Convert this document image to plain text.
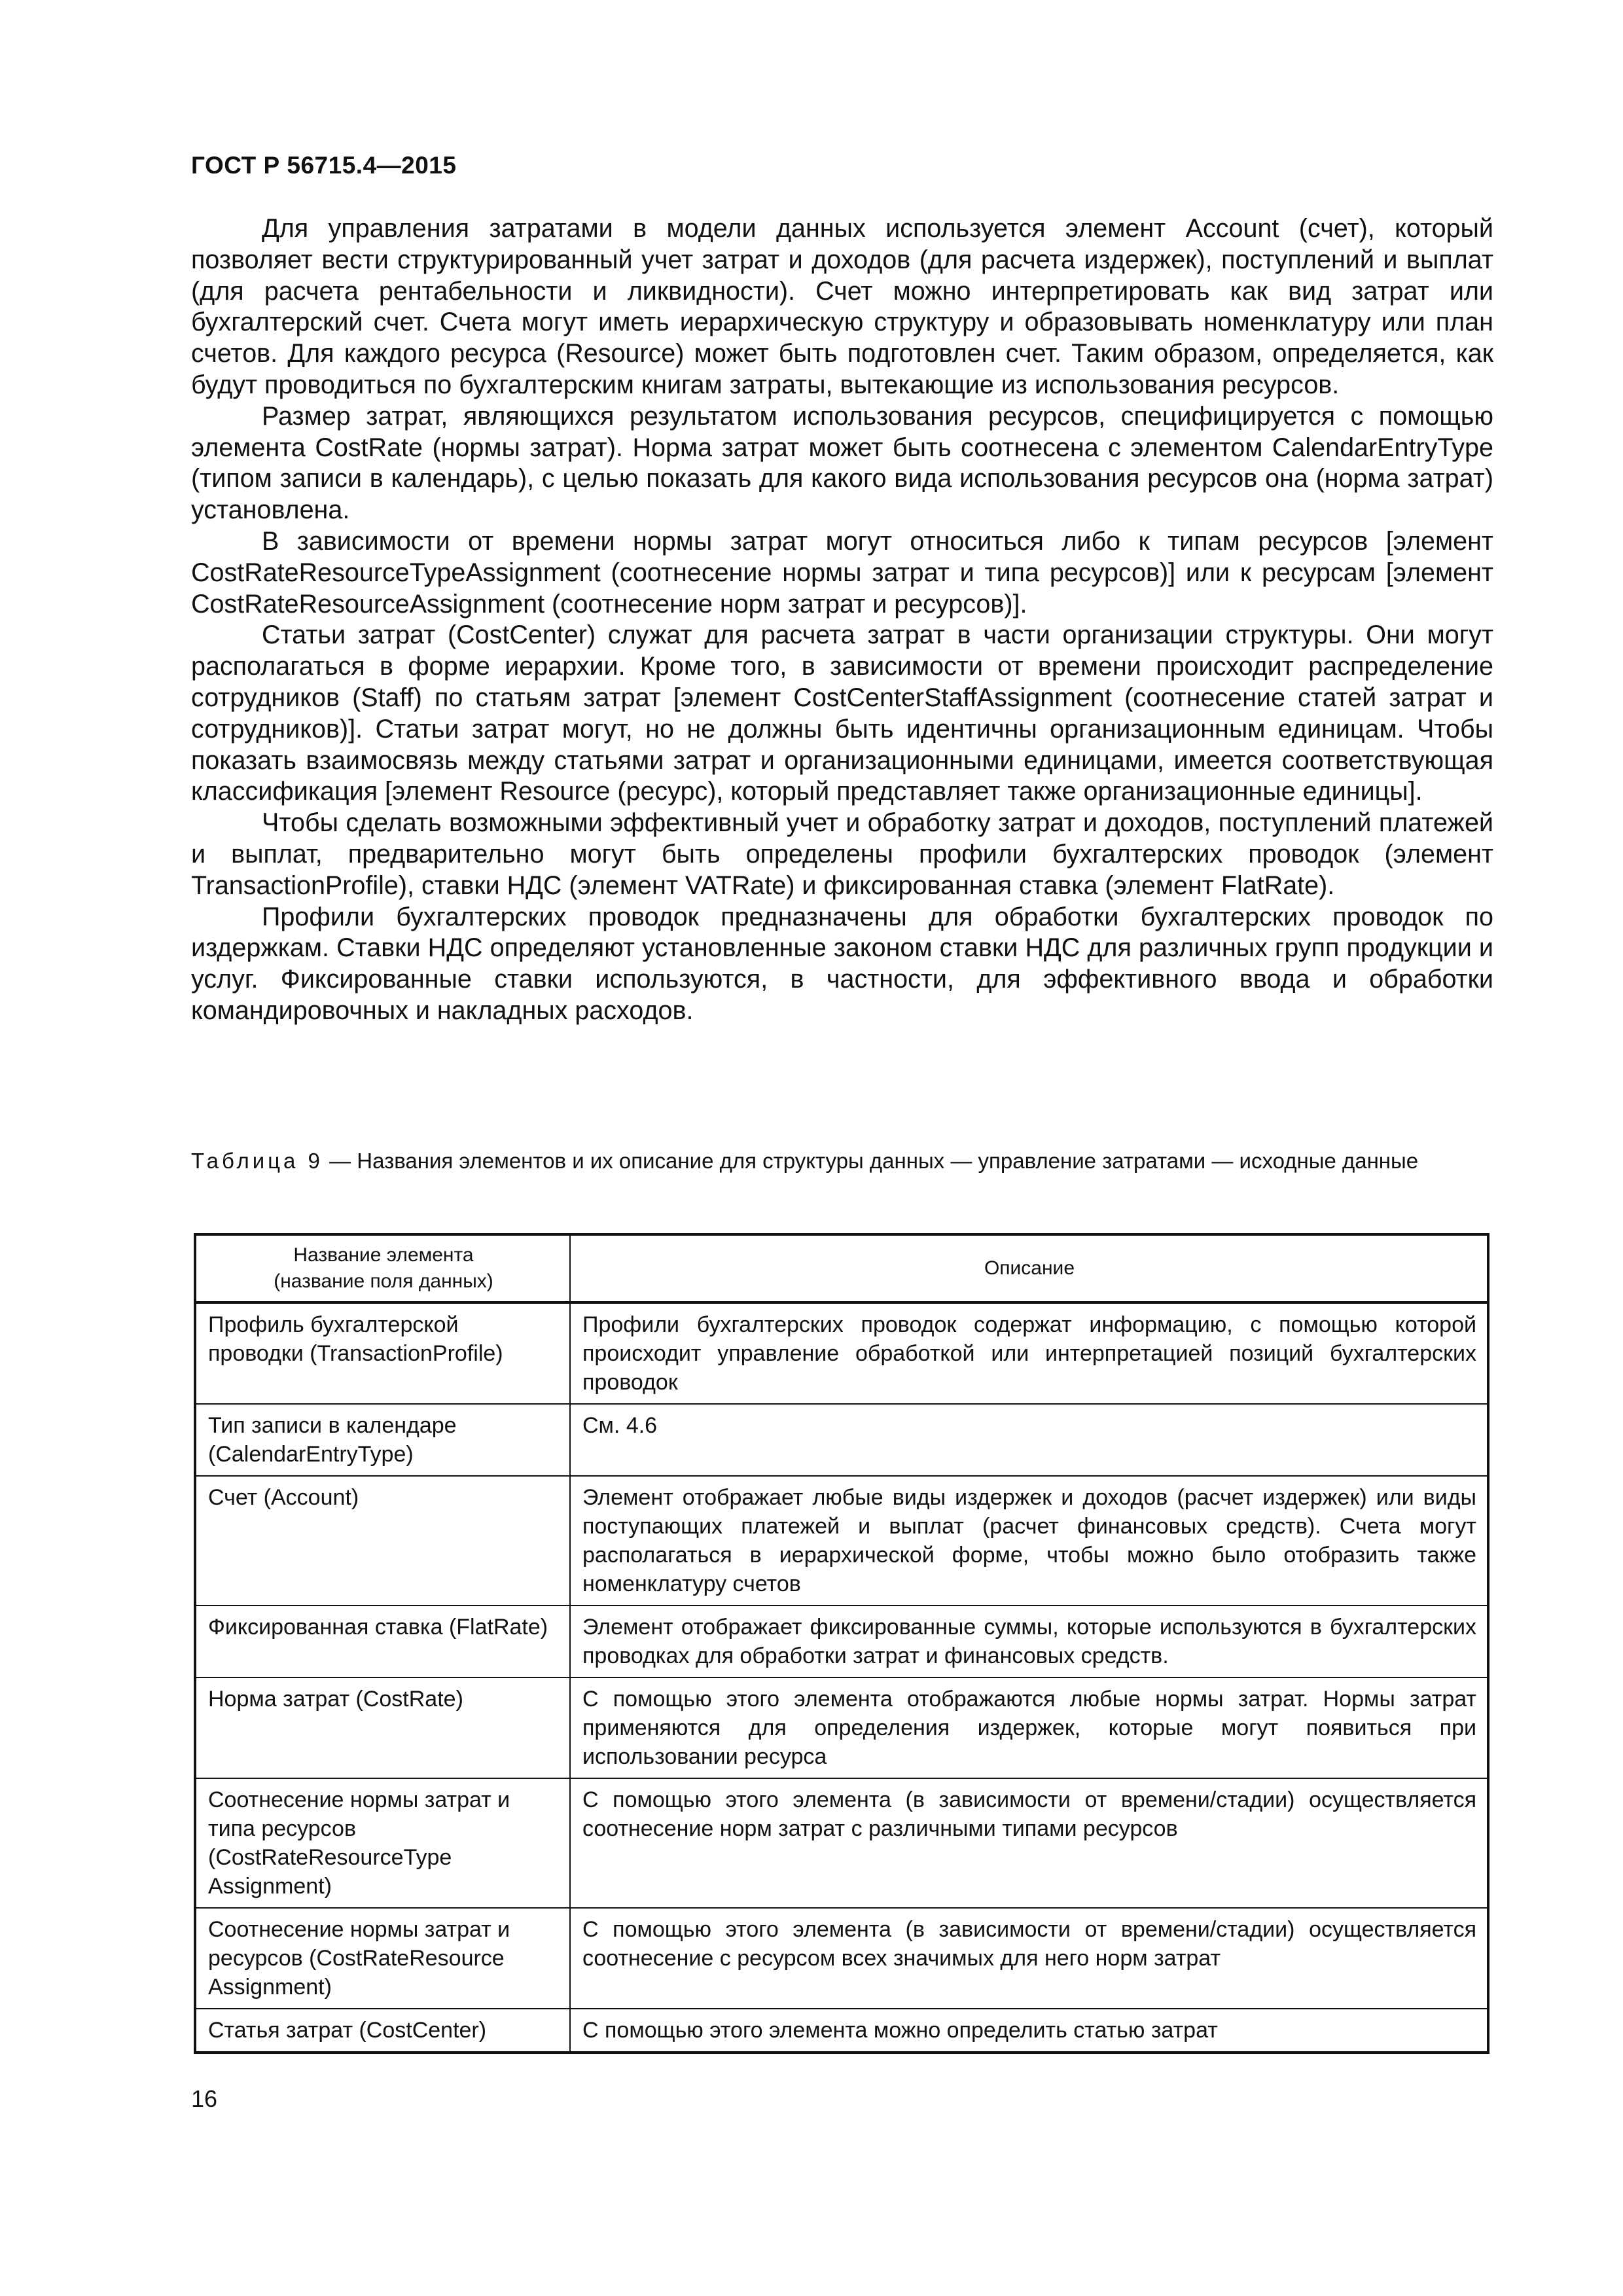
ГОСТ Р 56715.4—2015

Для управления затратами в модели данных используется элемент Account (счет), который позволяет вести структурированный учет затрат и доходов (для расчета издержек), поступлений и выплат (для расчета рентабельности и ликвидности). Счет можно интерпретировать как вид затрат или бухгалтерский счет. Счета могут иметь иерархическую структуру и образовывать номенклатуру или план счетов. Для каждого ресурса (Resource) может быть подготовлен счет. Таким образом, определяется, как будут проводиться по бухгалтерским книгам затраты, вытекающие из использования ресурсов.

Размер затрат, являющихся результатом использования ресурсов, специфицируется с помощью элемента CostRate (нормы затрат). Норма затрат может быть соотнесена с элементом CalendarEntryType (типом записи в календарь), с целью показать для какого вида использования ресурсов она (норма затрат) установлена.

В зависимости от времени нормы затрат могут относиться либо к типам ресурсов [элемент CostRateResourceTypeAssignment (соотнесение нормы затрат и типа ресурсов)] или к ресурсам [элемент CostRateResourceAssignment (соотнесение норм затрат и ресурсов)].

Статьи затрат (CostCenter) служат для расчета затрат в части организации структуры. Они могут располагаться в форме иерархии. Кроме того, в зависимости от времени происходит распределение сотрудников (Staff) по статьям затрат [элемент CostCenterStaffAssignment (соотнесение статей затрат и сотрудников)]. Статьи затрат могут, но не должны быть идентичны организационным единицам. Чтобы показать взаимосвязь между статьями затрат и организационными единицами, имеется соответствующая классификация [элемент Resource (ресурс), который представляет также организационные единицы].

Чтобы сделать возможными эффективный учет и обработку затрат и доходов, поступлений платежей и выплат, предварительно могут быть определены профили бухгалтерских проводок (элемент TransactionProfile), ставки НДС (элемент VATRate) и фиксированная ставка (элемент FlatRate).

Профили бухгалтерских проводок предназначены для обработки бухгалтерских проводок по издержкам. Ставки НДС определяют установленные законом ставки НДС для различных групп продукции и услуг. Фиксированные ставки используются, в частности, для эффективного ввода и обработки командировочных и накладных расходов.

Таблица 9 — Названия элементов и их описание для структуры данных — управление затратами — исходные данные
Название элемента
(название поля данных)	Описание
Профиль бухгалтерской проводки (TransactionProfile)	Профили бухгалтерских проводок содержат информацию, с помощью которой происходит управление обработкой или интерпретацией позиций бухгалтерских проводок
Тип записи в календаре (CalendarEntryType)	См. 4.6
Счет (Account)	Элемент отображает любые виды издержек и доходов (расчет издержек) или виды поступающих платежей и выплат (расчет финансовых средств). Счета могут располагаться в иерархической форме, чтобы можно было отобразить также номенклатуру счетов
Фиксированная ставка (FlatRate)	Элемент отображает фиксированные суммы, которые используются в бухгалтерских проводках для обработки затрат и финансовых средств.
Норма затрат (CostRate)	С помощью этого элемента отображаются любые нормы затрат. Нормы затрат применяются для определения издержек, которые могут появиться при использовании ресурса
Соотнесение нормы затрат и типа ресурсов (CostRateResourceType Assignment)	С помощью этого элемента (в зависимости от времени/стадии) осуществляется соотнесение норм затрат с различными типами ресурсов
Соотнесение нормы затрат и ресурсов (CostRateResource Assignment)	С помощью этого элемента (в зависимости от времени/стадии) осуществляется соотнесение с ресурсом всех значимых для него норм затрат
Статья затрат (CostCenter)	С помощью этого элемента можно определить статью затрат
16
